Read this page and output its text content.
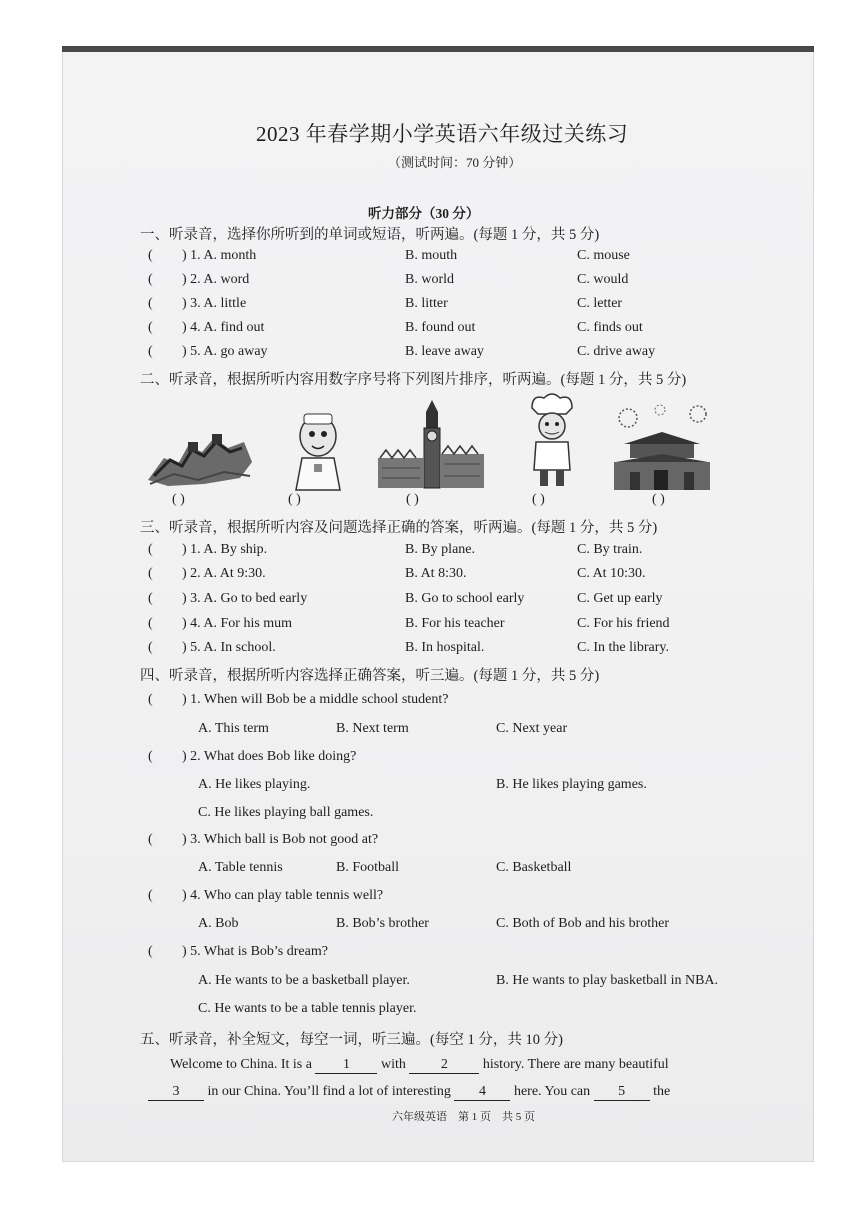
2023 年春学期小学英语六年级过关练习
（测试时间：70 分钟）
听力部分（30 分）
一、听录音，选择你所听到的单词或短语，听两遍。(每题 1 分，共 5 分)
( ) 1. A. month	B. mouth	C. mouse
( ) 2. A. word	B. world	C. would
( ) 3. A. little	B. litter	C. letter
( ) 4. A. find out	B. found out	C. finds out
( ) 5. A. go away	B. leave away	C. drive away
二、听录音，根据所听内容用数字序号将下列图片排序，听两遍。(每题 1 分，共 5 分)
( )	( )	( )	( )	( )
三、听录音，根据所听内容及问题选择正确的答案，听两遍。(每题 1 分，共 5 分)
( ) 1. A. By ship.	B. By plane.	C. By train.
( ) 2. A. At 9:30.	B. At 8:30.	C. At 10:30.
( ) 3. A. Go to bed early	B. Go to school early	C. Get up early
( ) 4. A. For his mum	B. For his teacher	C. For his friend
( ) 5. A. In school.	B. In hospital.	C. In the library.
四、听录音，根据所听内容选择正确答案，听三遍。(每题 1 分，共 5 分)
( ) 1. When will Bob be a middle school student?
A. This term	B. Next term	C. Next year
( ) 2. What does Bob like doing?
A. He likes playing.	B. He likes playing games.
C. He likes playing ball games.
( ) 3. Which ball is Bob not good at?
A. Table tennis	B. Football	C. Basketball
( ) 4. Who can play table tennis well?
A. Bob	B. Bob’s brother	C. Both of Bob and his brother
( ) 5. What is Bob’s dream?
A. He wants to be a basketball player.	B. He wants to play basketball in NBA.
C. He wants to be a table tennis player.
五、听录音，补全短文，每空一词，听三遍。(每空 1 分，共 10 分)
Welcome to China. It is a 1 with	2	history. There are many beautiful
3 in our China. You’ll find a lot of interesting 4 here. You can 5 the
六年级英语　第 1 页　共 5 页
